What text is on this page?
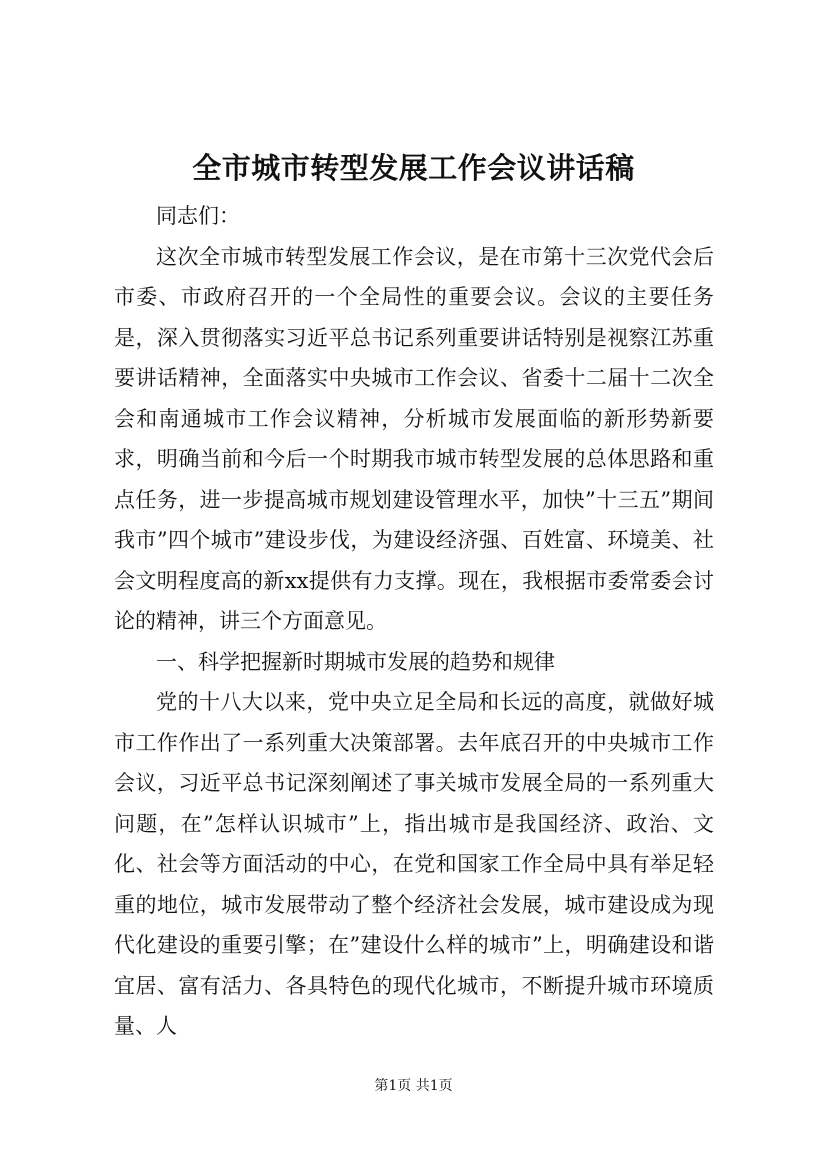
全市城市转型发展工作会议讲话稿

同志们：

这次全市城市转型发展工作会议，是在市第十三次党代会后市委、市政府召开的一个全局性的重要会议。会议的主要任务是，深入贯彻落实习近平总书记系列重要讲话特别是视察江苏重要讲话精神，全面落实中央城市工作会议、省委十二届十二次全会和南通城市工作会议精神，分析城市发展面临的新形势新要求，明确当前和今后一个时期我市城市转型发展的总体思路和重点任务，进一步提高城市规划建设管理水平，加快”十三五”期间我市”四个城市”建设步伐，为建设经济强、百姓富、环境美、社会文明程度高的新xx提供有力支撑。现在，我根据市委常委会讨论的精神，讲三个方面意见。

一、科学把握新时期城市发展的趋势和规律

党的十八大以来，党中央立足全局和长远的高度，就做好城市工作作出了一系列重大决策部署。去年底召开的中央城市工作会议，习近平总书记深刻阐述了事关城市发展全局的一系列重大问题，在”怎样认识城市”上，指出城市是我国经济、政治、文化、社会等方面活动的中心，在党和国家工作全局中具有举足轻重的地位，城市发展带动了整个经济社会发展，城市建设成为现代化建设的重要引擎；在”建设什么样的城市”上，明确建设和谐宜居、富有活力、各具特色的现代化城市，不断提升城市环境质量、人

第1页 共1页
